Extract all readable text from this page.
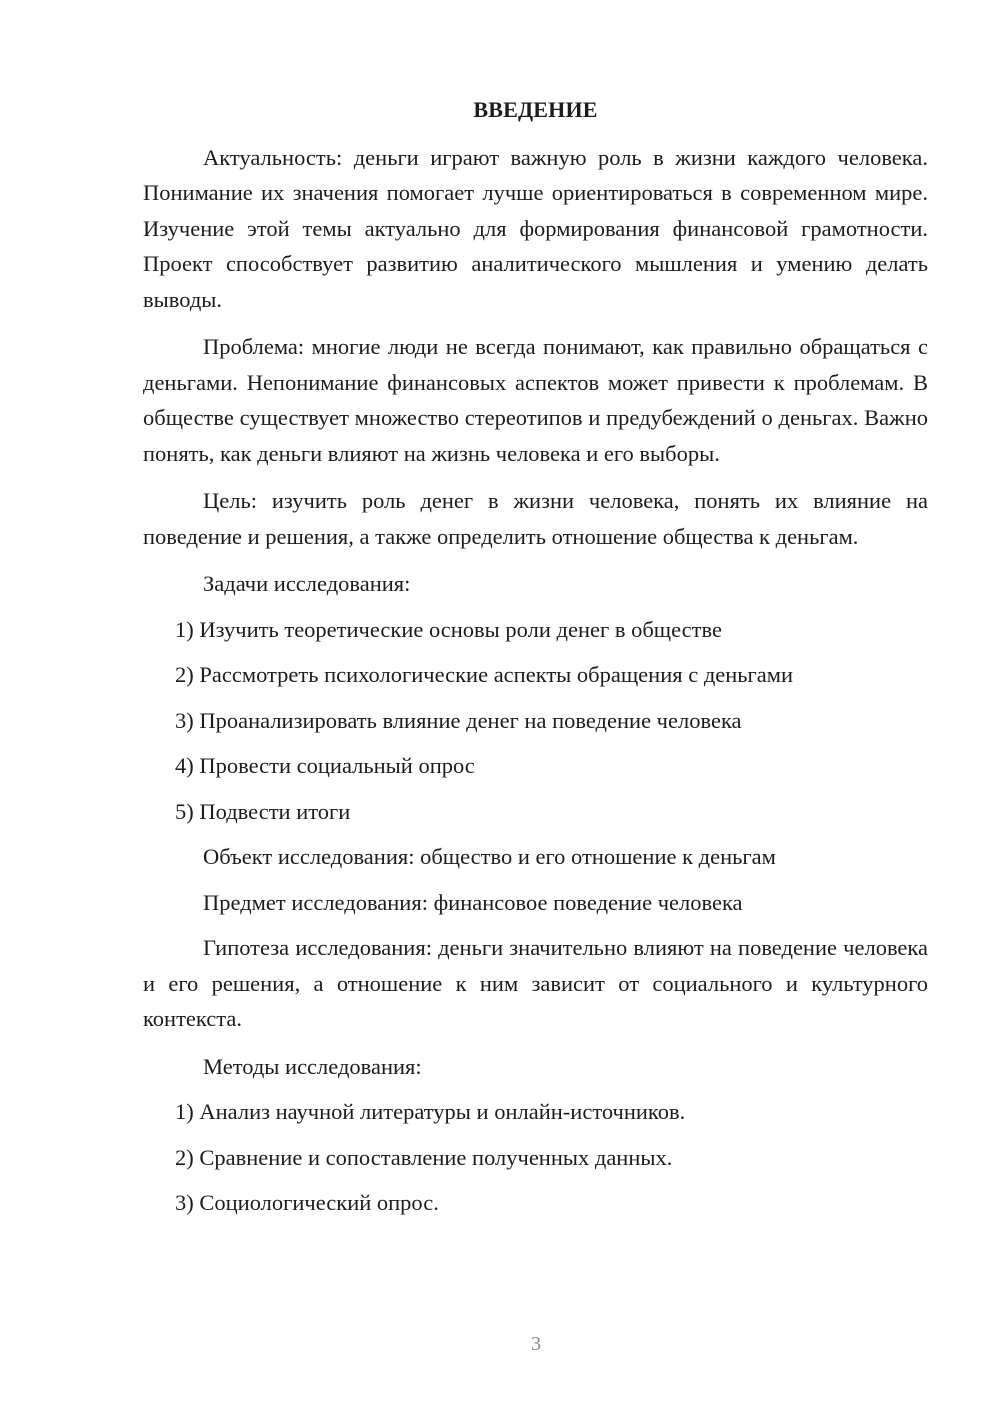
ВВЕДЕНИЕ

Актуальность: деньги играют важную роль в жизни каждого человека. Понимание их значения помогает лучше ориентироваться в современном мире. Изучение этой темы актуально для формирования финансовой грамотности. Проект способствует развитию аналитического мышления и умению делать выводы.

Проблема: многие люди не всегда понимают, как правильно обращаться с деньгами. Непонимание финансовых аспектов может привести к проблемам. В обществе существует множество стереотипов и предубеждений о деньгах. Важно понять, как деньги влияют на жизнь человека и его выборы.

Цель: изучить роль денег в жизни человека, понять их влияние на поведение и решения, а также определить отношение общества к деньгам.

Задачи исследования:
1) Изучить теоретические основы роли денег в обществе
2) Рассмотреть психологические аспекты обращения с деньгами
3) Проанализировать влияние денег на поведение человека
4) Провести социальный опрос
5) Подвести итоги
Объект исследования: общество и его отношение к деньгам
Предмет исследования: финансовое поведение человека

Гипотеза исследования: деньги значительно влияют на поведение человека и его решения, а отношение к ним зависит от социального и культурного контекста.

Методы исследования:
1) Анализ научной литературы и онлайн-источников.
2) Сравнение и сопоставление полученных данных.
3) Социологический опрос.
3
